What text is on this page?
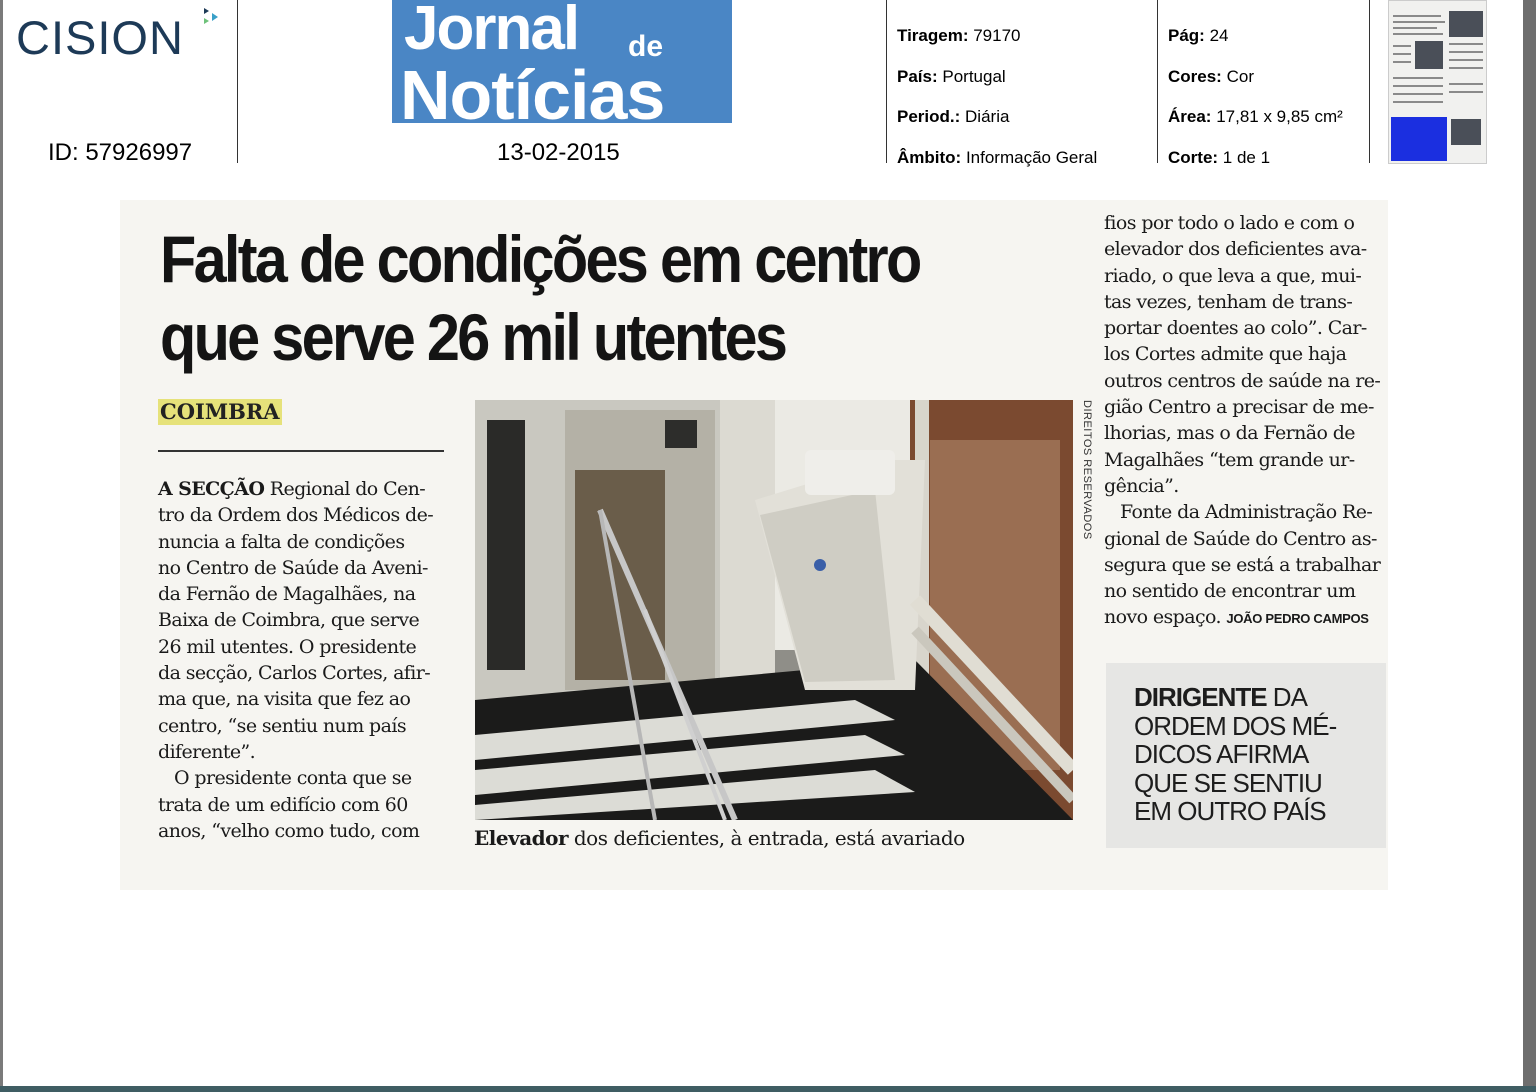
CISION
ID: 57926997
Jornal de
Notícias
13-02-2015
Tiragem: 79170
País: Portugal
Period.: Diária
Âmbito: Informação Geral
Pág: 24
Cores: Cor
Área: 17,81 x 9,85 cm²
Corte: 1 de 1
Falta de condições em centro
que serve 26 mil utentes
COIMBRA

A SECÇÃO Regional do Cen-

tro da Ordem dos Médicos de-

nuncia a falta de condições

no Centro de Saúde da Aveni-

da Fernão de Magalhães, na

Baixa de Coimbra, que serve

26 mil utentes. O presidente

da secção, Carlos Cortes, afir-

ma que, na visita que fez ao

centro, “se sentiu num país

diferente”.

O presidente conta que se

trata de um edifício com 60

anos, “velho como tudo, com

DIREITOS RESERVADOS
Elevador dos deficientes, à entrada, está avariado

fios por todo o lado e com o

elevador dos deficientes ava-

riado, o que leva a que, mui-

tas vezes, tenham de trans-

portar doentes ao colo”. Car-

los Cortes admite que haja

outros centros de saúde na re-

gião Centro a precisar de me-

lhorias, mas o da Fernão de

Magalhães “tem grande ur-

gência”.

Fonte da Administração Re-

gional de Saúde do Centro as-

segura que se está a trabalhar

no sentido de encontrar um

novo espaço. JOÃO PEDRO CAMPOS

DIRIGENTE DA

ORDEM DOS MÉ-

DICOS AFIRMA

QUE SE SENTIU

EM OUTRO PAÍS
